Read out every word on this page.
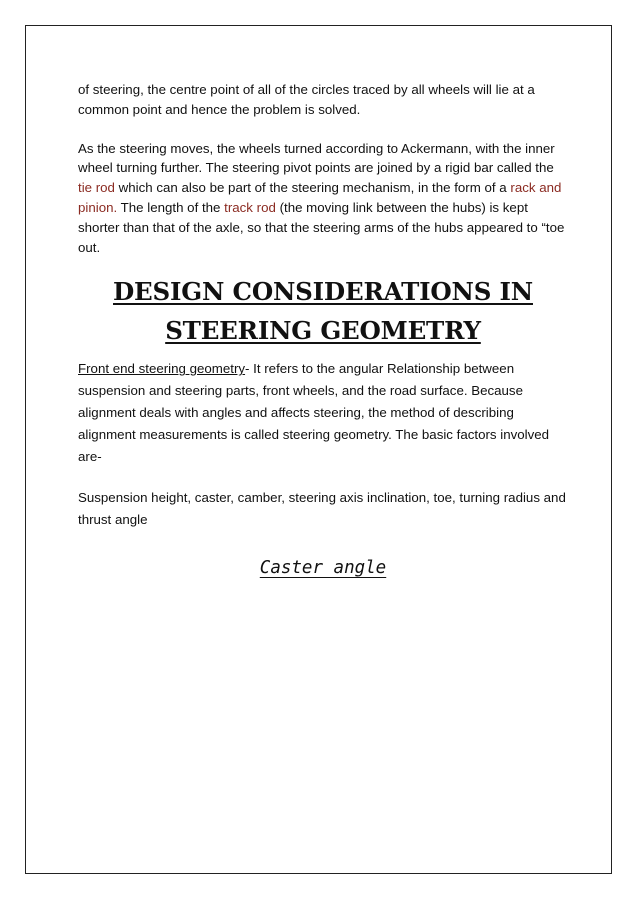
of steering, the centre point of all of the circles traced by all wheels will lie at a common point and hence the problem is solved.

As the steering moves, the wheels turned according to Ackermann, with the inner wheel turning further. The steering pivot points are joined by a rigid bar called the tie rod which can also be part of the steering mechanism, in the form of a rack and pinion. The length of the track rod (the moving link between the hubs) is kept shorter than that of the axle, so that the steering arms of the hubs appeared to “toe out.

DESIGN CONSIDERATIONS IN
STEERING GEOMETRY

Front end steering geometry- It refers to the angular Relationship between suspension and steering parts, front wheels, and the road surface. Because alignment deals with angles and affects steering, the method of describing alignment measurements is called steering geometry. The basic factors involved are-

Suspension height, caster, camber, steering axis inclination, toe, turning radius and thrust angle

Caster angle
